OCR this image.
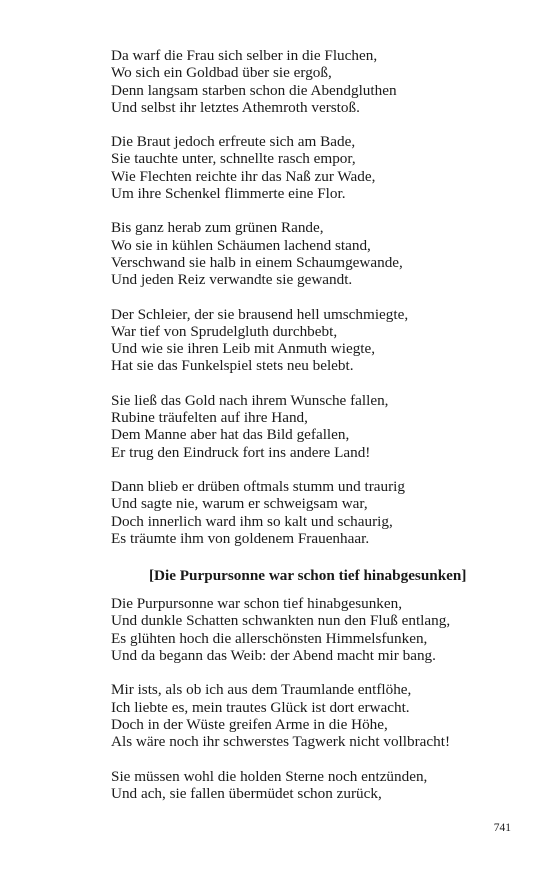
Da warf die Frau sich selber in die Fluchen,
Wo sich ein Goldbad über sie ergoß,
Denn langsam starben schon die Abendgluthen
Und selbst ihr letztes Athemroth verstoß.
Die Braut jedoch erfreute sich am Bade,
Sie tauchte unter, schnellte rasch empor,
Wie Flechten reichte ihr das Naß zur Wade,
Um ihre Schenkel flimmerte eine Flor.
Bis ganz herab zum grünen Rande,
Wo sie in kühlen Schäumen lachend stand,
Verschwand sie halb in einem Schaumgewande,
Und jeden Reiz verwandte sie gewandt.
Der Schleier, der sie brausend hell umschmiegte,
War tief von Sprudelgluth durchbebt,
Und wie sie ihren Leib mit Anmuth wiegte,
Hat sie das Funkelspiel stets neu belebt.
Sie ließ das Gold nach ihrem Wunsche fallen,
Rubine träufelten auf ihre Hand,
Dem Manne aber hat das Bild gefallen,
Er trug den Eindruck fort ins andere Land!
Dann blieb er drüben oftmals stumm und traurig
Und sagte nie, warum er schweigsam war,
Doch innerlich ward ihm so kalt und schaurig,
Es träumte ihm von goldenem Frauenhaar.
[Die Purpursonne war schon tief hinabgesunken]
Die Purpursonne war schon tief hinabgesunken,
Und dunkle Schatten schwankten nun den Fluß entlang,
Es glühten hoch die allerschönsten Himmelsfunken,
Und da begann das Weib: der Abend macht mir bang.
Mir ists, als ob ich aus dem Traumlande entflöhe,
Ich liebte es, mein trautes Glück ist dort erwacht.
Doch in der Wüste greifen Arme in die Höhe,
Als wäre noch ihr schwerstes Tagwerk nicht vollbracht!
Sie müssen wohl die holden Sterne noch entzünden,
Und ach, sie fallen übermüdet schon zurück,
741
